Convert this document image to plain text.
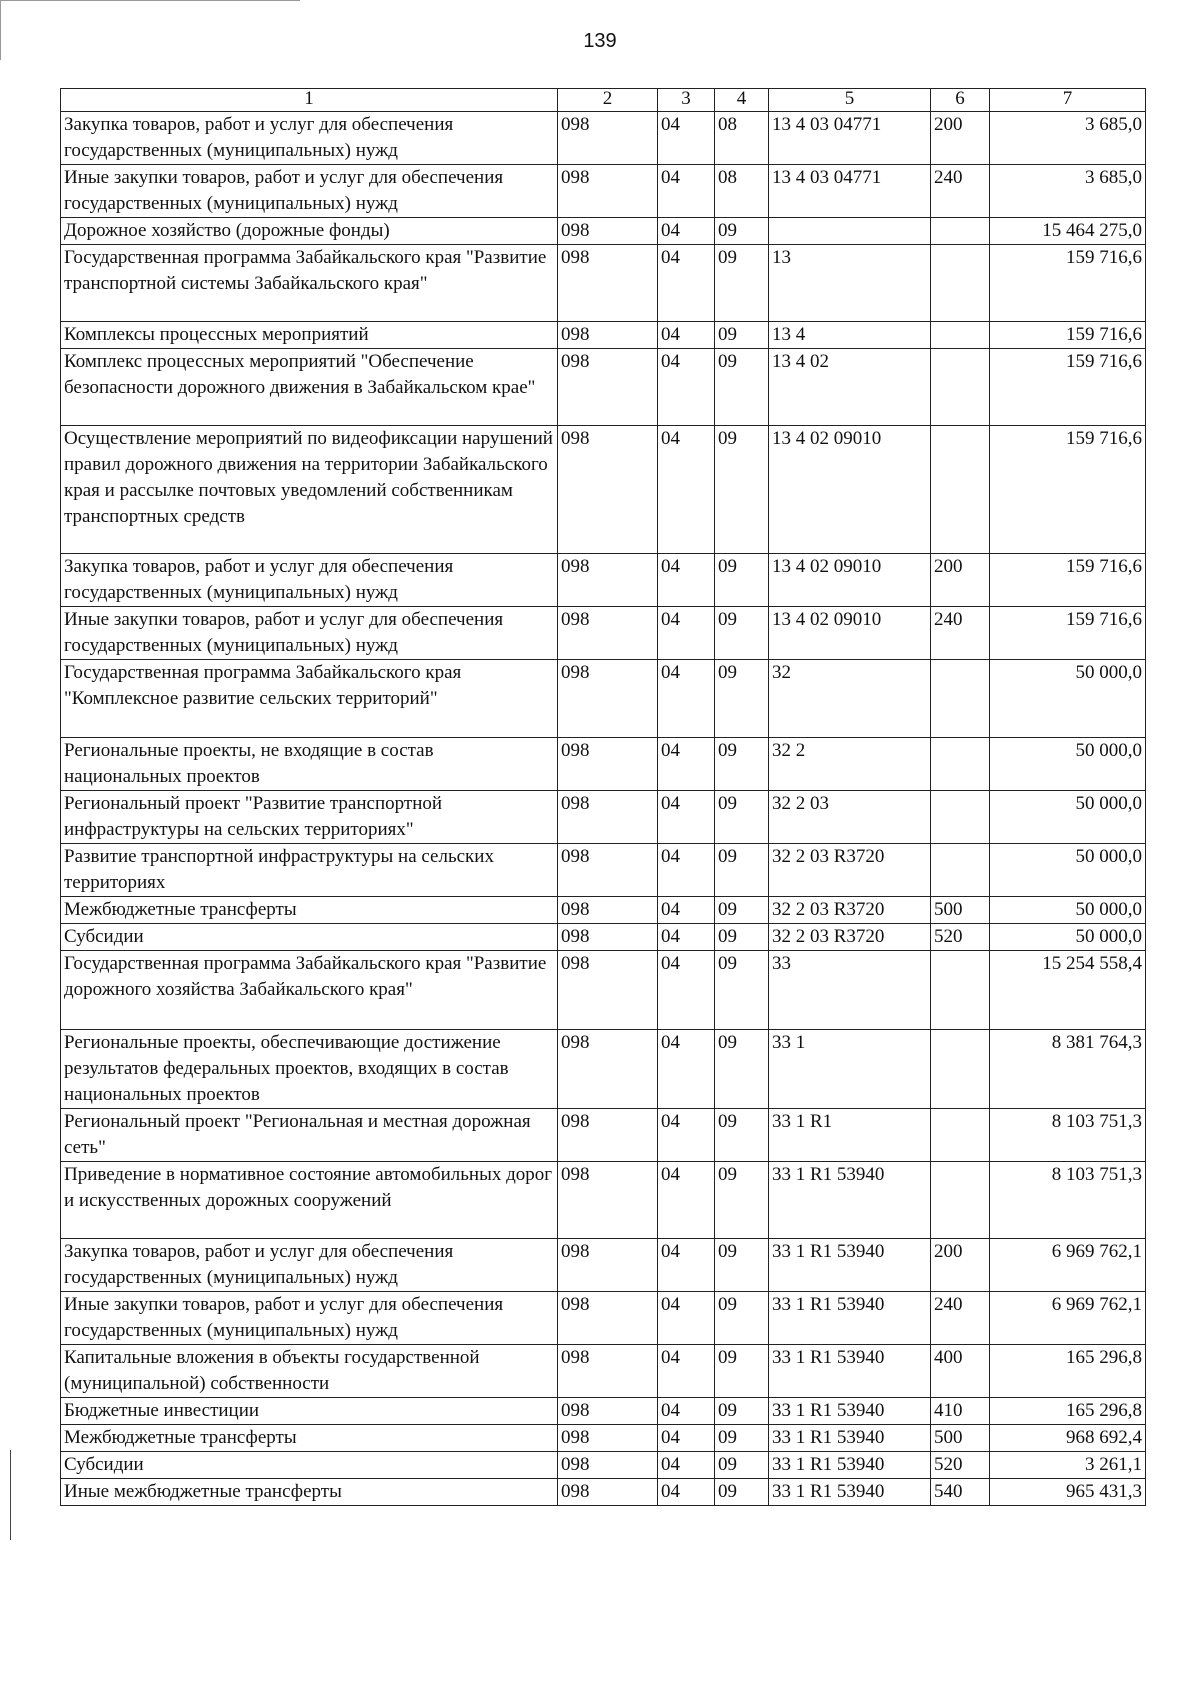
139
1	2	3	4	5	6	7
Закупка товаров, работ и услуг для обеспечения государственных (муниципальных) нужд	098	04	08	13 4 03 04771	200	3 685,0
Иные закупки товаров, работ и услуг для обеспечения государственных (муниципальных) нужд	098	04	08	13 4 03 04771	240	3 685,0
Дорожное хозяйство (дорожные фонды)	098	04	09			15 464 275,0
Государственная программа Забайкальского края "Развитие транспортной системы Забайкальского края"	098	04	09	13		159 716,6
Комплексы процессных мероприятий	098	04	09	13 4		159 716,6
Комплекс процессных мероприятий "Обеспечение безопасности дорожного движения в Забайкальском крае"	098	04	09	13 4 02		159 716,6
Осуществление мероприятий по видеофиксации нарушений правил дорожного движения на территории Забайкальского края и рассылке почтовых уведомлений собственникам транспортных средств	098	04	09	13 4 02 09010		159 716,6
Закупка товаров, работ и услуг для обеспечения государственных (муниципальных) нужд	098	04	09	13 4 02 09010	200	159 716,6
Иные закупки товаров, работ и услуг для обеспечения государственных (муниципальных) нужд	098	04	09	13 4 02 09010	240	159 716,6
Государственная программа Забайкальского края "Комплексное развитие сельских территорий"	098	04	09	32		50 000,0
Региональные проекты, не входящие в состав национальных проектов	098	04	09	32 2		50 000,0
Региональный проект "Развитие транспортной инфраструктуры на сельских территориях"	098	04	09	32 2 03		50 000,0
Развитие транспортной инфраструктуры на сельских территориях	098	04	09	32 2 03 R3720		50 000,0
Межбюджетные трансферты	098	04	09	32 2 03 R3720	500	50 000,0
Субсидии	098	04	09	32 2 03 R3720	520	50 000,0
Государственная программа Забайкальского края "Развитие дорожного хозяйства Забайкальского края"	098	04	09	33		15 254 558,4
Региональные проекты, обеспечивающие достижение результатов федеральных проектов, входящих в состав национальных проектов	098	04	09	33 1		8 381 764,3
Региональный проект "Региональная и местная дорожная сеть"	098	04	09	33 1 R1		8 103 751,3
Приведение в нормативное состояние автомобильных дорог и искусственных дорожных сооружений	098	04	09	33 1 R1 53940		8 103 751,3
Закупка товаров, работ и услуг для обеспечения государственных (муниципальных) нужд	098	04	09	33 1 R1 53940	200	6 969 762,1
Иные закупки товаров, работ и услуг для обеспечения государственных (муниципальных) нужд	098	04	09	33 1 R1 53940	240	6 969 762,1
Капитальные вложения в объекты государственной (муниципальной) собственности	098	04	09	33 1 R1 53940	400	165 296,8
Бюджетные инвестиции	098	04	09	33 1 R1 53940	410	165 296,8
Межбюджетные трансферты	098	04	09	33 1 R1 53940	500	968 692,4
Субсидии	098	04	09	33 1 R1 53940	520	3 261,1
Иные межбюджетные трансферты	098	04	09	33 1 R1 53940	540	965 431,3
